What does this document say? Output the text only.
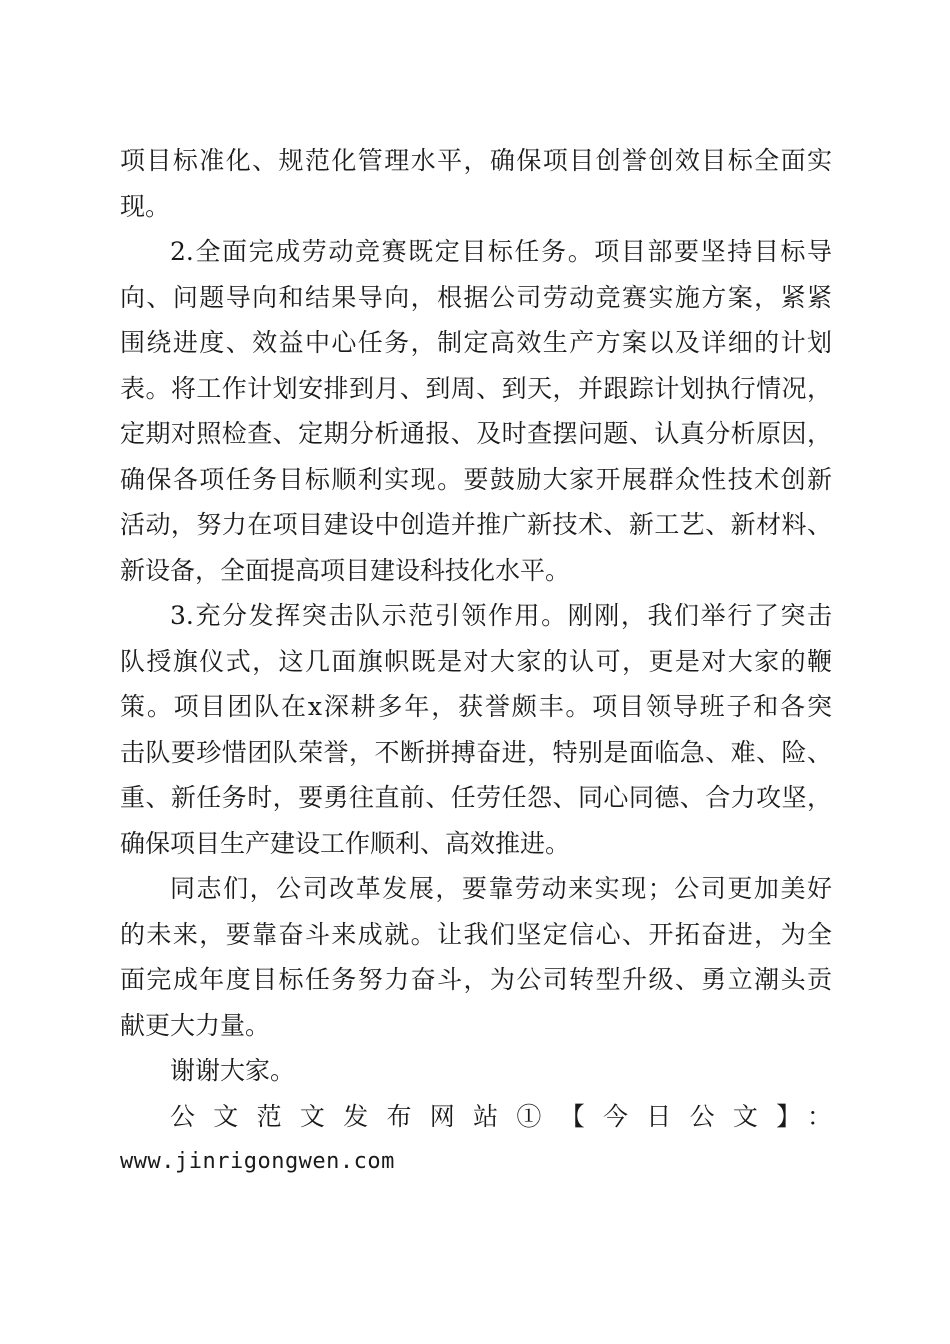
项目标准化、规范化管理水平，确保项目创誉创效目标全面实
现。
2.全面完成劳动竞赛既定目标任务。项目部要坚持目标导
向、问题导向和结果导向，根据公司劳动竞赛实施方案，紧紧
围绕进度、效益中心任务，制定高效生产方案以及详细的计划
表。将工作计划安排到月、到周、到天，并跟踪计划执行情况，
定期对照检查、定期分析通报、及时查摆问题、认真分析原因，
确保各项任务目标顺利实现。要鼓励大家开展群众性技术创新
活动，努力在项目建设中创造并推广新技术、新工艺、新材料、
新设备，全面提高项目建设科技化水平。
3.充分发挥突击队示范引领作用。刚刚，我们举行了突击
队授旗仪式，这几面旗帜既是对大家的认可，更是对大家的鞭
策。项目团队在x深耕多年，获誉颇丰。项目领导班子和各突
击队要珍惜团队荣誉，不断拼搏奋进，特别是面临急、难、险、
重、新任务时，要勇往直前、任劳任怨、同心同德、合力攻坚，
确保项目生产建设工作顺利、高效推进。
同志们，公司改革发展，要靠劳动来实现；公司更加美好
的未来，要靠奋斗来成就。让我们坚定信心、开拓奋进，为全
面完成年度目标任务努力奋斗，为公司转型升级、勇立潮头贡
献更大力量。
谢谢大家。
公文范文发布网站①【今日公文】：
www.jinrigongwen.com
